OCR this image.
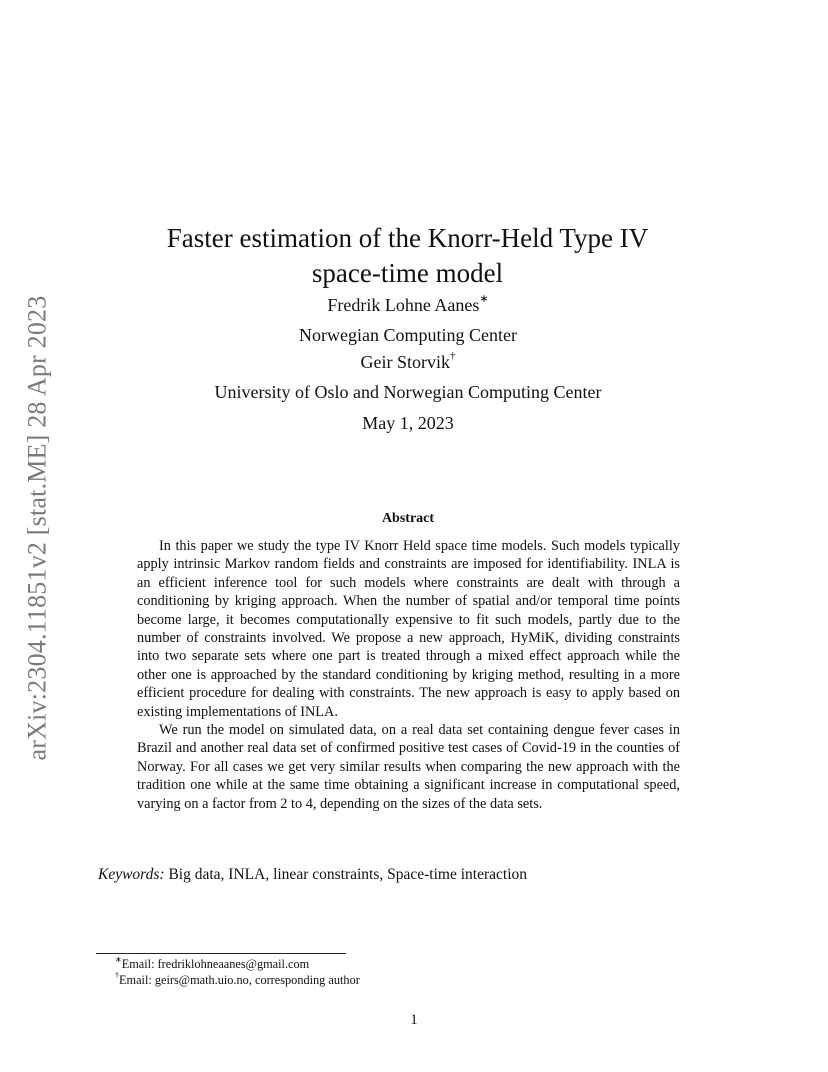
arXiv:2304.11851v2 [stat.ME] 28 Apr 2023
Faster estimation of the Knorr-Held Type IV
space-time model
Fredrik Lohne Aanes∗
Norwegian Computing Center
Geir Storvik†
University of Oslo and Norwegian Computing Center
May 1, 2023
Abstract

In this paper we study the type IV Knorr Held space time models. Such models typically apply intrinsic Markov random fields and constraints are imposed for identifiability. INLA is an efficient inference tool for such models where constraints are dealt with through a conditioning by kriging approach. When the number of spatial and/or temporal time points become large, it becomes computationally expensive to fit such models, partly due to the number of constraints involved. We propose a new approach, HyMiK, dividing constraints into two separate sets where one part is treated through a mixed effect approach while the other one is approached by the standard conditioning by kriging method, resulting in a more efficient procedure for dealing with constraints. The new approach is easy to apply based on existing implementations of INLA.

We run the model on simulated data, on a real data set containing dengue fever cases in Brazil and another real data set of confirmed positive test cases of Covid-19 in the counties of Norway. For all cases we get very similar results when comparing the new approach with the tradition one while at the same time obtaining a significant increase in computational speed, varying on a factor from 2 to 4, depending on the sizes of the data sets.

Keywords: Big data, INLA, linear constraints, Space-time interaction
∗Email: fredriklohneaanes@gmail.com
†Email: geirs@math.uio.no, corresponding author
1
